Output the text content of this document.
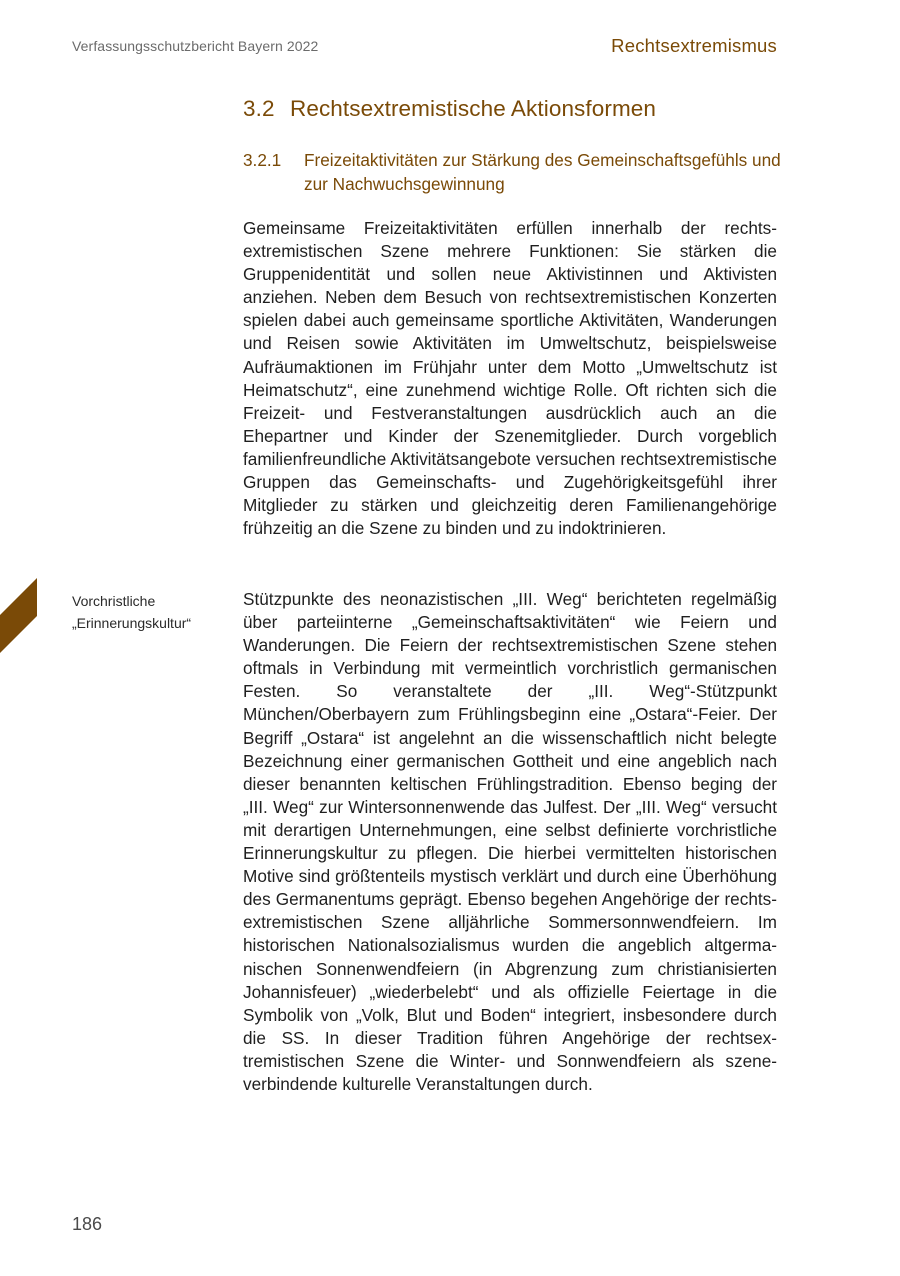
Verfassungsschutzbericht Bayern 2022	Rechtsextremismus
3.2 Rechtsextremistische Aktionsformen
3.2.1 Freizeitaktivitäten zur Stärkung des Gemeinschaftsgefühls und zur Nachwuchsgewinnung
Gemeinsame Freizeitaktivitäten erfüllen innerhalb der rechtsextremistischen Szene mehrere Funktionen: Sie stärken die Gruppenidentität und sollen neue Aktivistinnen und Aktivisten anziehen. Neben dem Besuch von rechtsextremistischen Konzerten spielen dabei auch gemeinsame sportliche Aktivitäten, Wanderungen und Reisen sowie Aktivitäten im Umweltschutz, beispielsweise Aufräumaktionen im Frühjahr unter dem Motto „Umweltschutz ist Heimatschutz“, eine zunehmend wichtige Rolle. Oft richten sich die Freizeit- und Festveranstaltungen ausdrücklich auch an die Ehepartner und Kinder der Szenemitglieder. Durch vorgeblich familienfreundliche Aktivitätsangebote versuchen rechtsextremistische Gruppen das Gemeinschafts- und Zugehörigkeitsgefühl ihrer Mitglieder zu stärken und gleichzeitig deren Familienangehörige frühzeitig an die Szene zu binden und zu indoktrinieren.
Vorchristliche
„Erinnerungskultur“
Stützpunkte des neonazistischen „III. Weg“ berichteten regelmäßig über parteiinterne „Gemeinschaftsaktivitäten“ wie Feiern und Wanderungen. Die Feiern der rechtsextremistischen Szene stehen oftmals in Verbindung mit vermeintlich vorchristlich germanischen Festen. So veranstaltete der „III. Weg“-Stützpunkt München/Oberbayern zum Frühlingsbeginn eine „Ostara“-Feier. Der Begriff „Ostara“ ist angelehnt an die wissenschaftlich nicht belegte Bezeichnung einer germanischen Gottheit und eine angeblich nach dieser benannten keltischen Frühlingstradition. Ebenso beging der „III. Weg“ zur Wintersonnenwende das Julfest. Der „III. Weg“ versucht mit derartigen Unternehmungen, eine selbst definierte vorchristliche Erinnerungskultur zu pflegen. Die hierbei vermittelten historischen Motive sind größtenteils mystisch verklärt und durch eine Überhöhung des Germanentums geprägt. Ebenso begehen Angehörige der rechtsextremistischen Szene alljährliche Sommersonnwendfeiern. Im historischen Nationalsozialismus wurden die angeblich altgermanischen Sonnenwendfeiern (in Abgrenzung zum christianisierten Johannisfeuer) „wiederbelebt“ und als offizielle Feiertage in die Symbolik von „Volk, Blut und Boden“ integriert, insbesondere durch die SS. In dieser Tradition führen Angehörige der rechtsextremistischen Szene die Winter- und Sonnwendfeiern als szeneverbindende kulturelle Veranstaltungen durch.
186
